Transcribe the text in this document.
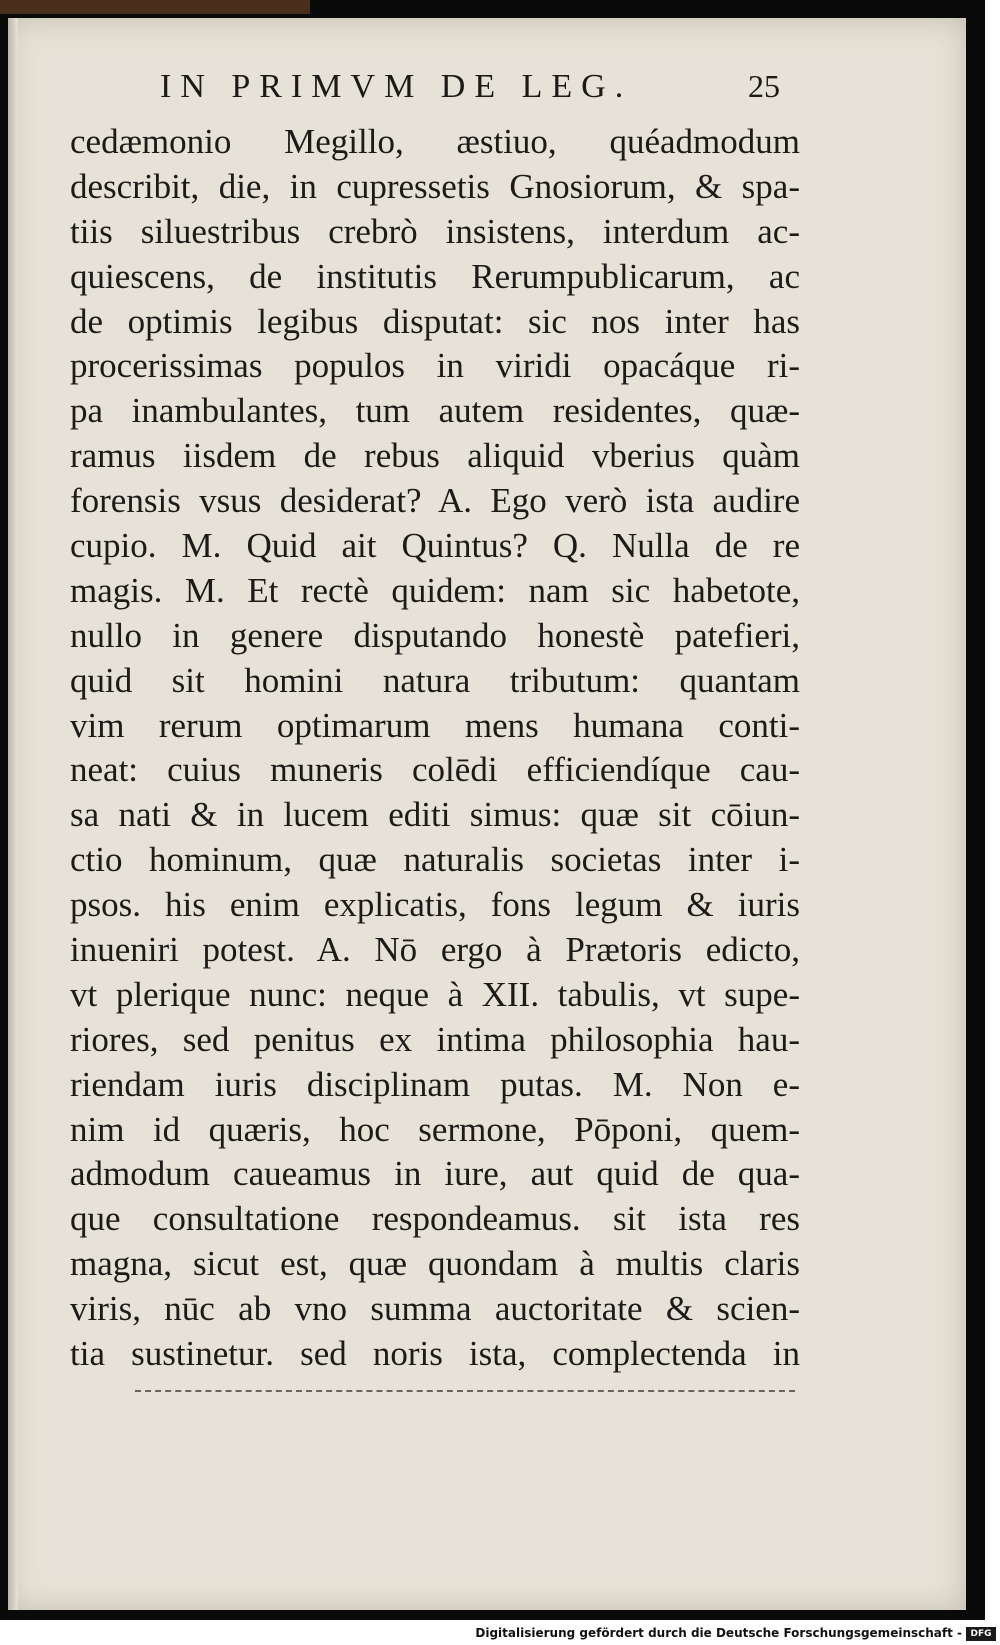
IN PRIMVM DE LEG.	25
cedæmonio Megillo, æstiuo, quéadmodum
describit, die, in cupressetis Gnosiorum, & spa-
tiis siluestribus crebrò insistens, interdum ac-
quiescens, de institutis Rerumpublicarum, ac
de optimis legibus disputat: sic nos inter has
procerissimas populos in viridi opacáque ri-
pa inambulantes, tum autem residentes, quæ-
ramus iisdem de rebus aliquid vberius quàm
forensis vsus desiderat? A. Ego verò ista audire
cupio. M. Quid ait Quintus? Q. Nulla de re
magis. M. Et rectè quidem: nam sic habetote,
nullo in genere disputando honestè patefieri,
quid sit homini natura tributum: quantam
vim rerum optimarum mens humana conti-
neat: cuius muneris colēdi efficiendíque cau-
sa nati & in lucem editi simus: quæ sit cōiun-
ctio hominum, quæ naturalis societas inter i-
psos. his enim explicatis, fons legum & iuris
inueniri potest. A. Nō ergo à Prætoris edicto,
vt plerique nunc: neque à XII. tabulis, vt supe-
riores, sed penitus ex intima philosophia hau-
riendam iuris disciplinam putas. M. Non e-
nim id quæris, hoc sermone, Pōponi, quem-
admodum caueamus in iure, aut quid de qua-
que consultatione respondeamus. sit ista res
magna, sicut est, quæ quondam à multis claris
viris, nūc ab vno summa auctoritate & scien-
tia sustinetur. sed noris ista, complectenda in
Digitalisierung gefördert durch die Deutsche Forschungsgemeinschaft - DFG
